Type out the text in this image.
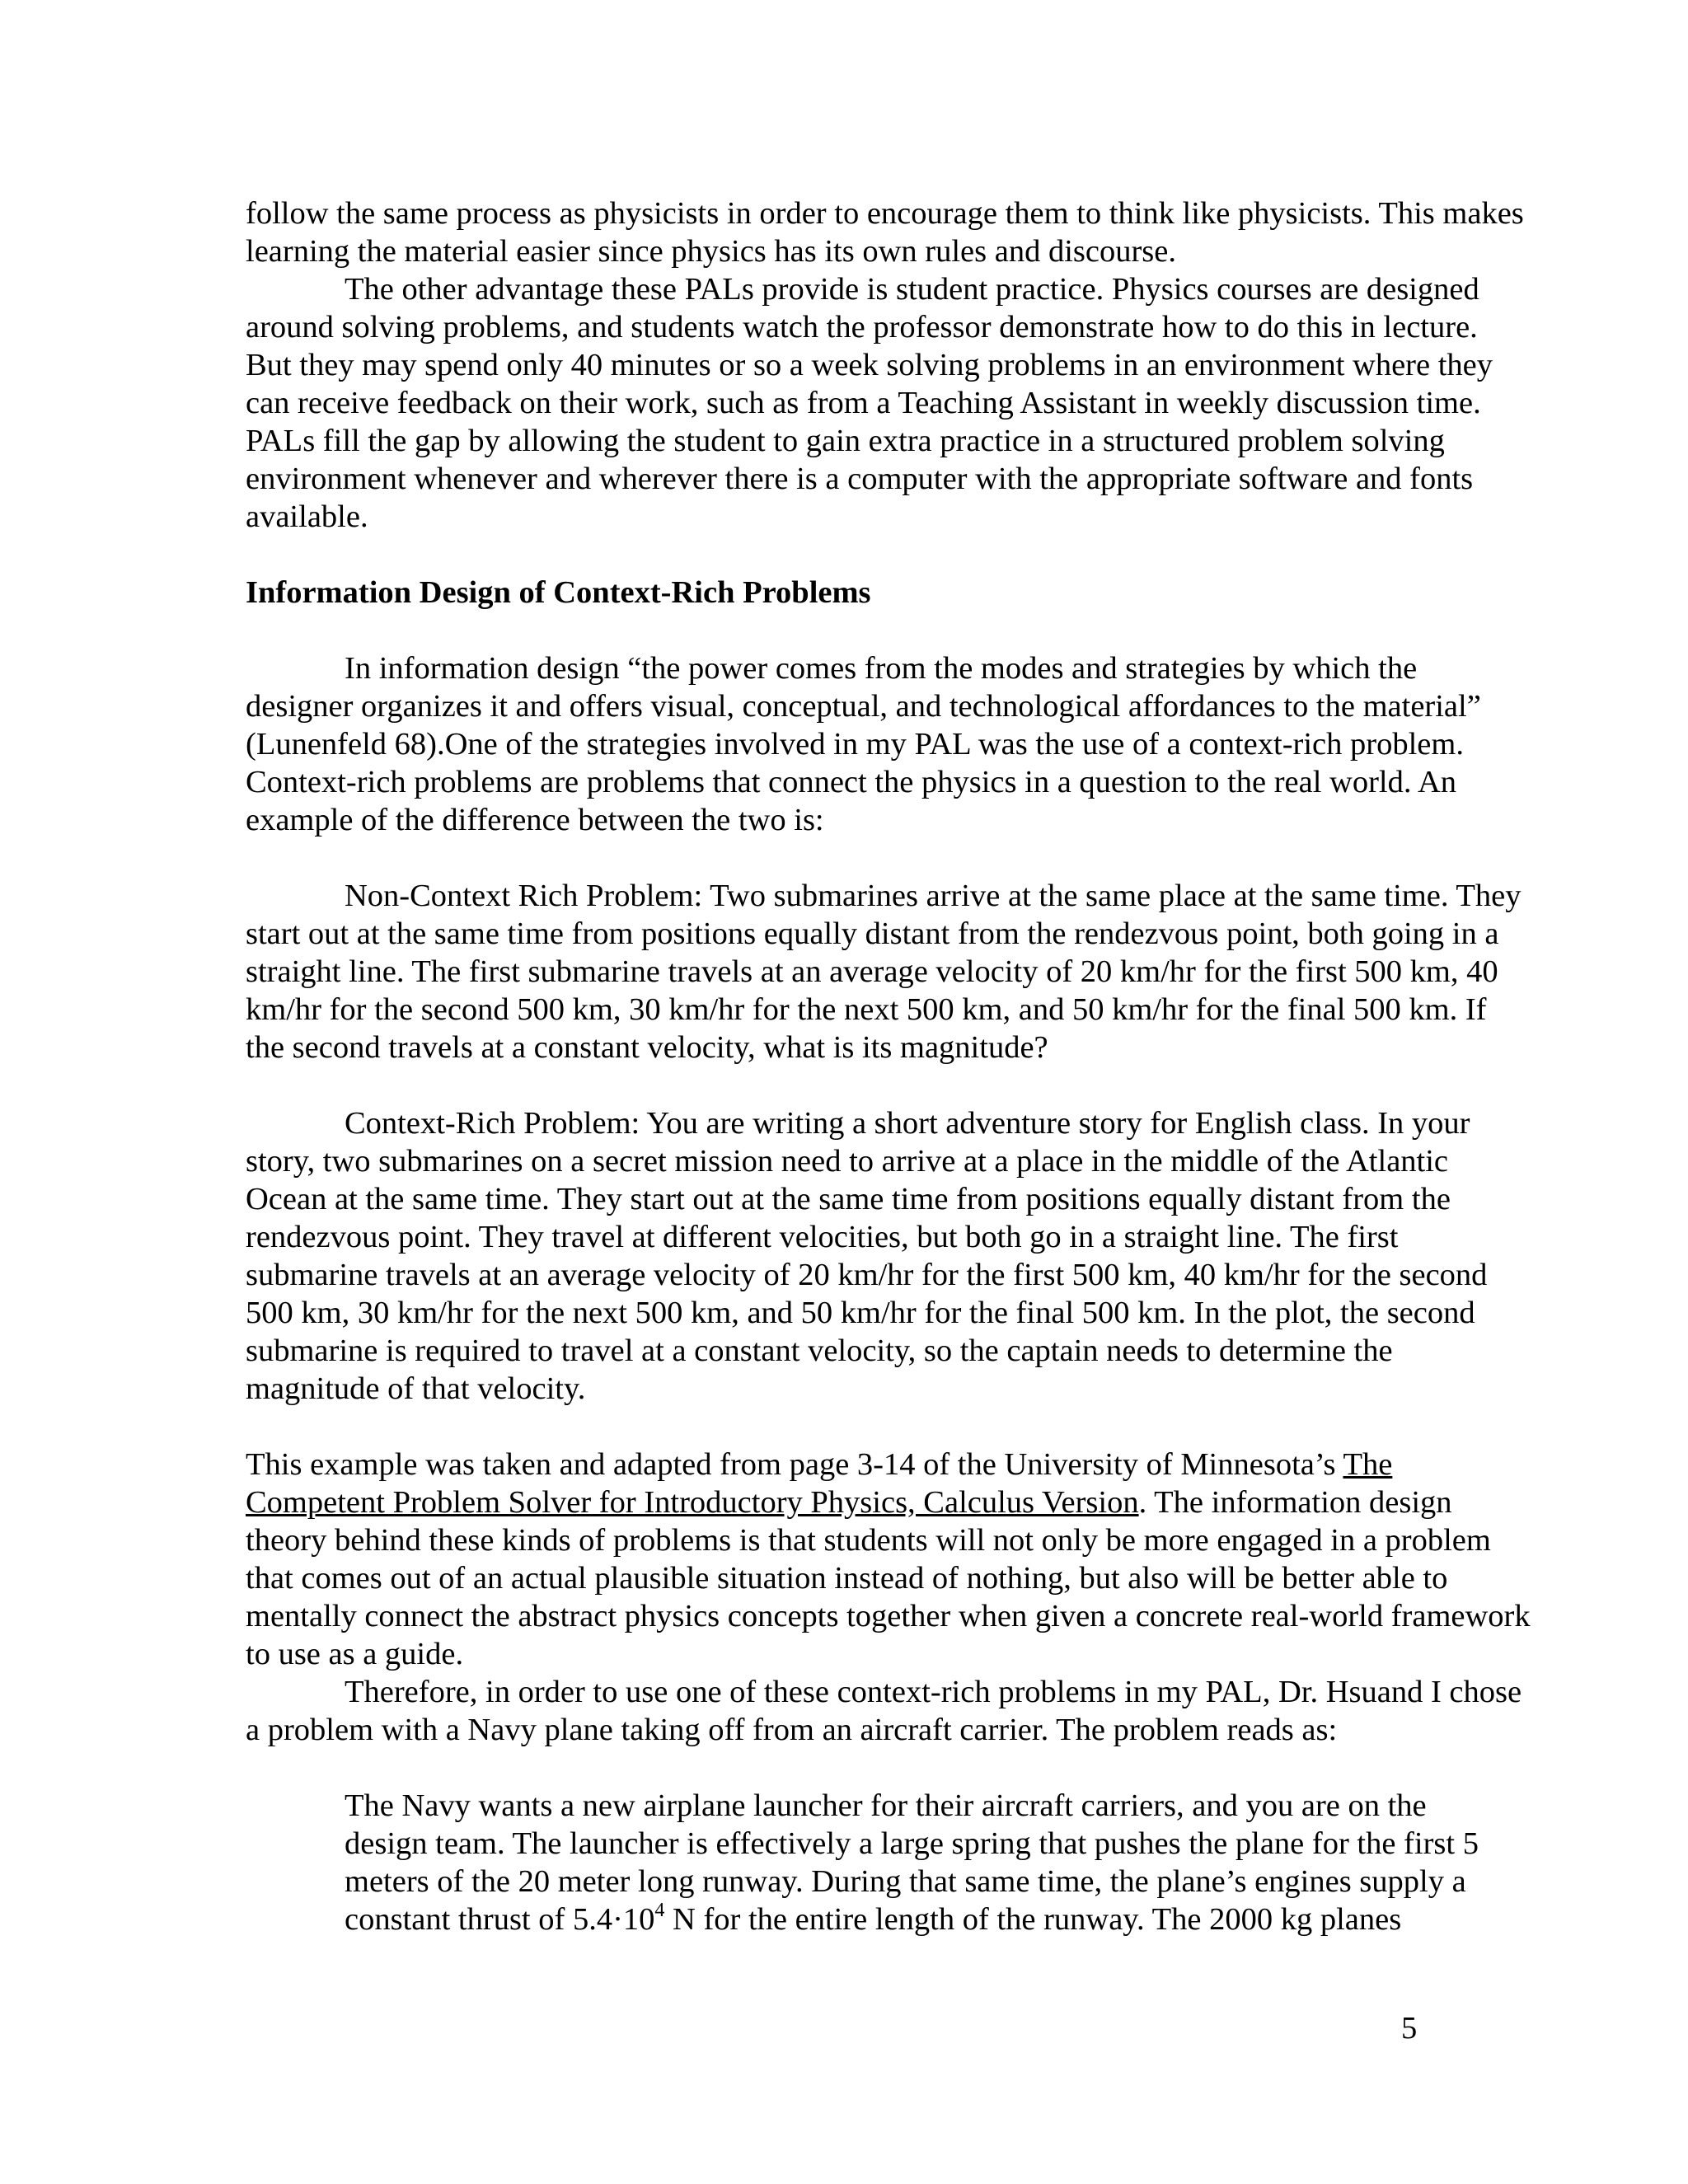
follow the same process as physicists in order to encourage them to think like physicists. This makes learning the material easier since physics has its own rules and discourse.

The other advantage these PALs provide is student practice. Physics courses are designed around solving problems, and students watch the professor demonstrate how to do this in lecture. But they may spend only 40 minutes or so a week solving problems in an environment where they can receive feedback on their work, such as from a Teaching Assistant in weekly discussion time. PALs fill the gap by allowing the student to gain extra practice in a structured problem solving environment whenever and wherever there is a computer with the appropriate software and fonts available.

Information Design of Context-Rich Problems

In information design “the power comes from the modes and strategies by which the designer organizes it and offers visual, conceptual, and technological affordances to the material” (Lunenfeld 68).One of the strategies involved in my PAL was the use of a context-rich problem. Context-rich problems are problems that connect the physics in a question to the real world. An example of the difference between the two is:

Non-Context Rich Problem: Two submarines arrive at the same place at the same time. They start out at the same time from positions equally distant from the rendezvous point, both going in a straight line. The first submarine travels at an average velocity of 20 km/hr for the first 500 km, 40 km/hr for the second 500 km, 30 km/hr for the next 500 km, and 50 km/hr for the final 500 km. If the second travels at a constant velocity, what is its magnitude?

Context-Rich Problem: You are writing a short adventure story for English class. In your story, two submarines on a secret mission need to arrive at a place in the middle of the Atlantic Ocean at the same time. They start out at the same time from positions equally distant from the rendezvous point. They travel at different velocities, but both go in a straight line. The first submarine travels at an average velocity of 20 km/hr for the first 500 km, 40 km/hr for the second 500 km, 30 km/hr for the next 500 km, and 50 km/hr for the final 500 km. In the plot, the second submarine is required to travel at a constant velocity, so the captain needs to determine the magnitude of that velocity.

This example was taken and adapted from page 3-14 of the University of Minnesota’s The Competent Problem Solver for Introductory Physics, Calculus Version. The information design theory behind these kinds of problems is that students will not only be more engaged in a problem that comes out of an actual plausible situation instead of nothing, but also will be better able to mentally connect the abstract physics concepts together when given a concrete real-world framework to use as a guide.

Therefore, in order to use one of these context-rich problems in my PAL, Dr. Hsuand I chose a problem with a Navy plane taking off from an aircraft carrier. The problem reads as:

The Navy wants a new airplane launcher for their aircraft carriers, and you are on the design team. The launcher is effectively a large spring that pushes the plane for the first 5 meters of the 20 meter long runway. During that same time, the plane’s engines supply a constant thrust of $5.4\cdot 10^4$ N for the entire length of the runway. The 2000 kg planes

5
